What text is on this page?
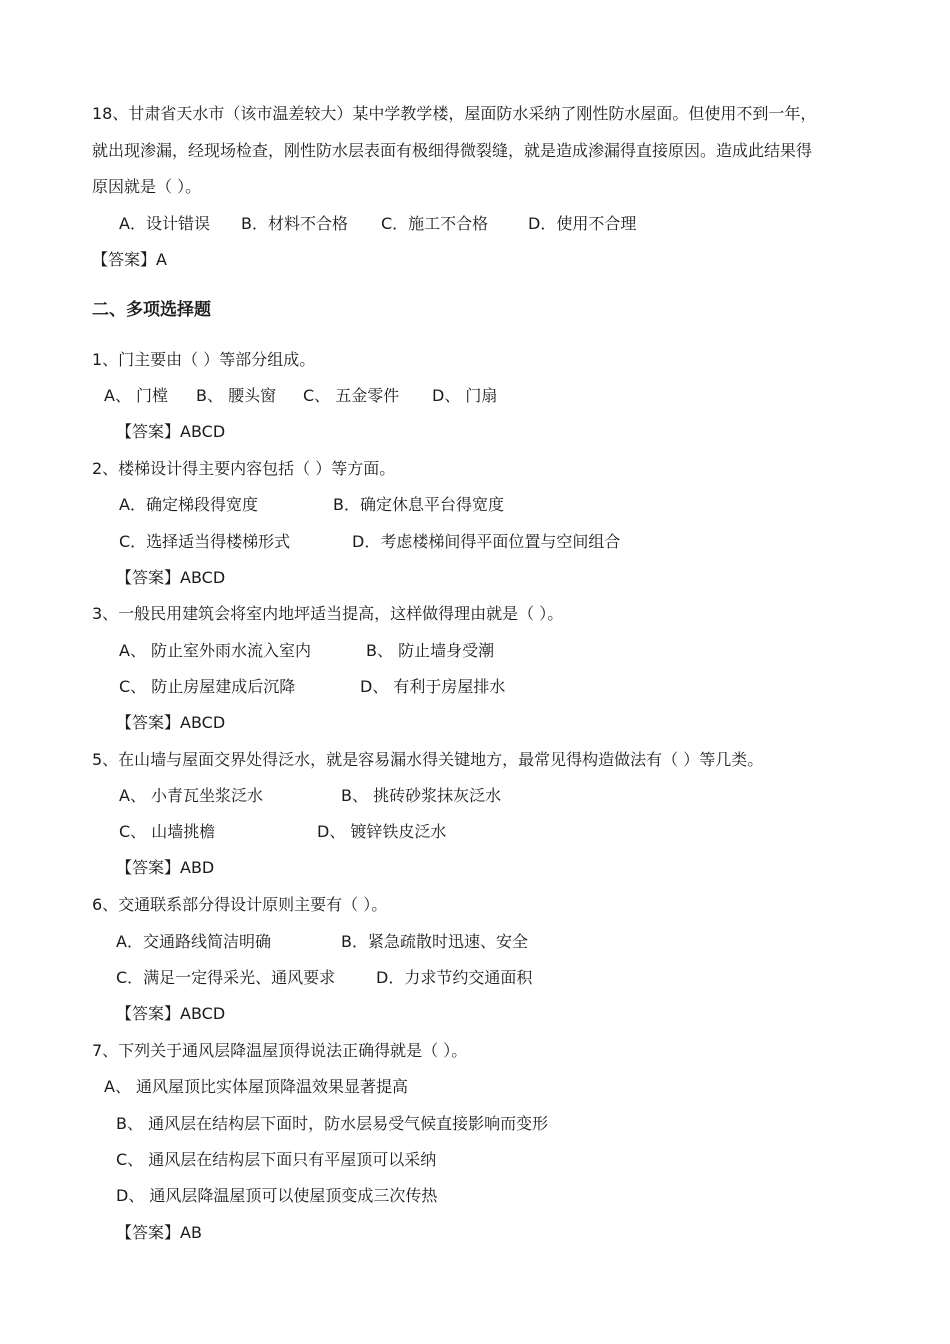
18、甘肃省天水市（该市温差较大）某中学教学楼，屋面防水采纳了刚性防水屋面。但使用不到一年，
就出现渗漏，经现场检查，刚性防水层表面有极细得微裂缝，就是造成渗漏得直接原因。造成此结果得
原因就是（ ）。
A．设计错误 B．材料不合格 C．施工不合格 D．使用不合理
【答案】A
二、多项选择题
1、门主要由（ ）等部分组成。
A、 门樘 B、 腰头窗 C、 五金零件 D、 门扇
【答案】ABCD
2、楼梯设计得主要内容包括（ ）等方面。
A．确定梯段得宽度	B．确定休息平台得宽度
C．选择适当得楼梯形式	D．考虑楼梯间得平面位置与空间组合
【答案】ABCD
3、一般民用建筑会将室内地坪适当提高，这样做得理由就是（ ）。
A、 防止室外雨水流入室内	B、 防止墙身受潮
C、 防止房屋建成后沉降	D、 有利于房屋排水
【答案】ABCD
5、在山墙与屋面交界处得泛水，就是容易漏水得关键地方，最常见得构造做法有（ ）等几类。
A、 小青瓦坐浆泛水	B、 挑砖砂浆抹灰泛水
C、 山墙挑檐	D、 镀锌铁皮泛水
【答案】ABD
6、交通联系部分得设计原则主要有（ ）。
A．交通路线简洁明确	B．紧急疏散时迅速、安全
C．满足一定得采光、通风要求	D．力求节约交通面积
【答案】ABCD
7、下列关于通风层降温屋顶得说法正确得就是（ ）。
A、 通风屋顶比实体屋顶降温效果显著提高
B、 通风层在结构层下面时，防水层易受气候直接影响而变形
C、 通风层在结构层下面只有平屋顶可以采纳
D、 通风层降温屋顶可以使屋顶变成三次传热
【答案】AB
